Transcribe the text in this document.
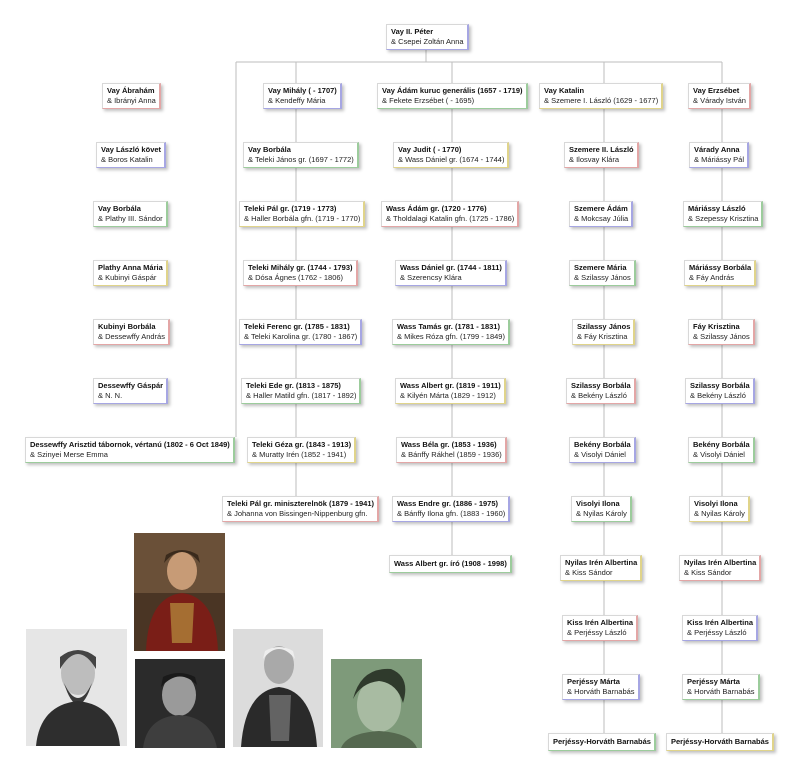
Vay II. Péter
& Csepei Zoltán Anna
Vay Ábrahám
& Ibrányi Anna
Vay László követ
& Boros Katalin
Vay Borbála
& Plathy III. Sándor
Plathy Anna Mária
& Kubinyi Gáspár
Kubinyi Borbála
& Dessewffy András
Dessewffy Gáspár
& N. N.
Dessewffy Arisztid tábornok, vértanú (1802 - 6 Oct 1849)
& Szinyei Merse Emma
Vay Mihály ( - 1707)
& Kendeffy Mária
Vay Borbála
& Teleki János gr. (1697 - 1772)
Teleki Pál gr. (1719 - 1773)
& Haller Borbála gfn. (1719 - 1770)
Teleki Mihály gr. (1744 - 1793)
& Dósa Ágnes (1762 - 1806)
Teleki Ferenc gr. (1785 - 1831)
& Teleki Karolina gr. (1780 - 1867)
Teleki Ede gr. (1813 - 1875)
& Haller Matild gfn. (1817 - 1892)
Teleki Géza gr. (1843 - 1913)
& Muratty Irén (1852 - 1941)
Teleki Pál gr. miniszterelnök (1879 - 1941)
& Johanna von Bissingen-Nippenburg gfn.
Vay Ádám kuruc generális (1657 - 1719)
& Fekete Erzsébet ( - 1695)
Vay Judit ( - 1770)
& Wass Dániel gr. (1674 - 1744)
Wass Ádám gr. (1720 - 1776)
& Tholdalagi Katalin gfn. (1725 - 1786)
Wass Dániel gr. (1744 - 1811)
& Szerencsy Klára
Wass Tamás gr. (1781 - 1831)
& Mikes Róza gfn. (1799 - 1849)
Wass Albert gr. (1819 - 1911)
& Kilyén Márta (1829 - 1912)
Wass Béla gr. (1853 - 1936)
& Bánffy Rákhel (1859 - 1936)
Wass Endre gr. (1886 - 1975)
& Bánffy Ilona gfn. (1883 - 1960)
Wass Albert gr. író (1908 - 1998)
Vay Katalin
& Szemere I. László (1629 - 1677)
Szemere II. László
& Ilosvay Klára
Szemere Ádám
& Mokcsay Júlia
Szemere Mária
& Szilassy János
Szilassy János
& Fáy Krisztina
Szilassy Borbála
& Bekény László
Bekény Borbála
& Visolyi Dániel
Visolyi Ilona
& Nyilas Károly
Nyilas Irén Albertina
& Kiss Sándor
Kiss Irén Albertina
& Perjéssy László
Perjéssy Márta
& Horváth Barnabás
Perjéssy-Horváth Barnabás
Vay Erzsébet
& Várady István
Várady Anna
& Máriássy Pál
Máriássy László
& Szepessy Krisztina
Máriássy Borbála
& Fáy András
Fáy Krisztina
& Szilassy János
Szilassy Borbála
& Bekény László
Bekény Borbála
& Visolyi Dániel
Visolyi Ilona
& Nyilas Károly
Nyilas Irén Albertina
& Kiss Sándor
Kiss Irén Albertina
& Perjéssy László
Perjéssy Márta
& Horváth Barnabás
Perjéssy-Horváth Barnabás
